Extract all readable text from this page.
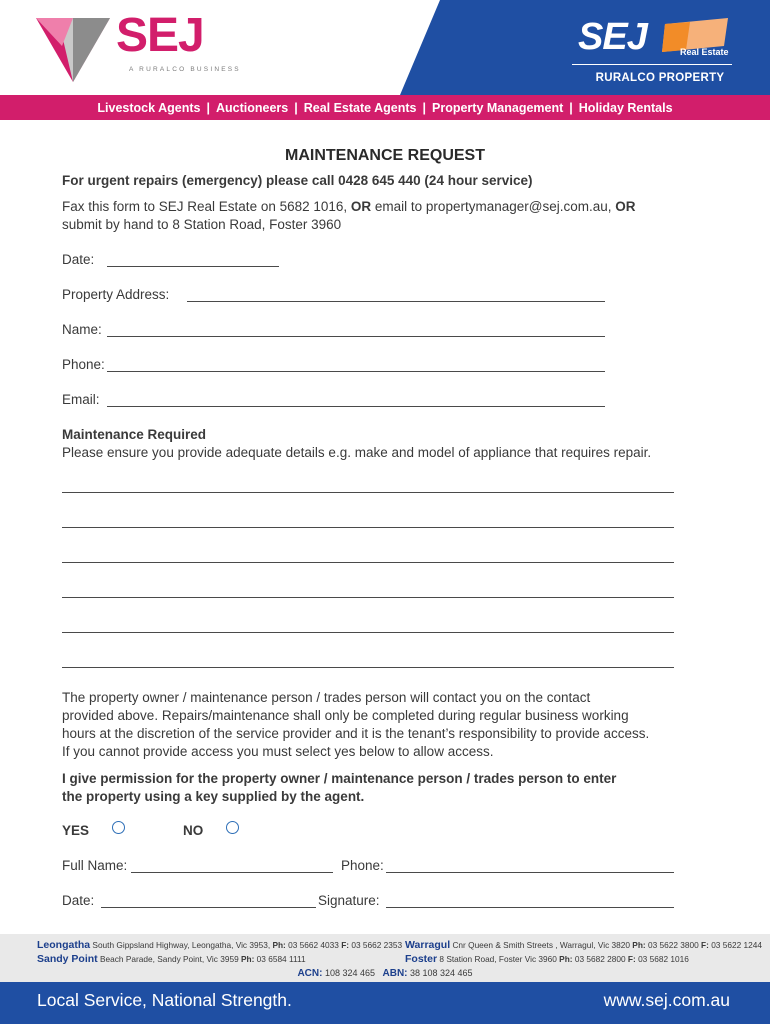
SEJ
A RURALCO BUSINESS
SEJ	Real Estate
RURALCO PROPERTY
Livestock Agents | Auctioneers | Real Estate Agents | Property Management | Holiday Rentals
MAINTENANCE REQUEST
For urgent repairs (emergency) please call 0428 645 440 (24 hour service)
Fax this form to SEJ Real Estate on 5682 1016, OR email to propertymanager@sej.com.au, OR
submit by hand to 8 Station Road, Foster 3960
Date:
Property Address:
Name:
Phone:
Email:
Maintenance Required
Please ensure you provide adequate details e.g. make and model of appliance that requires repair.
The property owner / maintenance person / trades person will contact you on the contact
provided above. Repairs/maintenance shall only be completed during regular business working
hours at the discretion of the service provider and it is the tenant’s responsibility to provide access.
If you cannot provide access you must select yes below to allow access.
I give permission for the property owner / maintenance person / trades person to enter
the property using a key supplied by the agent.
YES	NO
Full Name:	Phone:
Date:	Signature:
Leongatha South Gippsland Highway, Leongatha, Vic 3953, Ph: 03 5662 4033 F: 03 5662 2353
Sandy Point Beach Parade, Sandy Point, Vic 3959 Ph: 03 6584 1111
Warragul Cnr Queen & Smith Streets , Warragul, Vic 3820 Ph: 03 5622 3800 F: 03 5622 1244
Foster 8 Station Road, Foster Vic 3960 Ph: 03 5682 2800 F: 03 5682 1016
ACN: 108 324 465   ABN: 38 108 324 465
Local Service, National Strength.	www.sej.com.au
